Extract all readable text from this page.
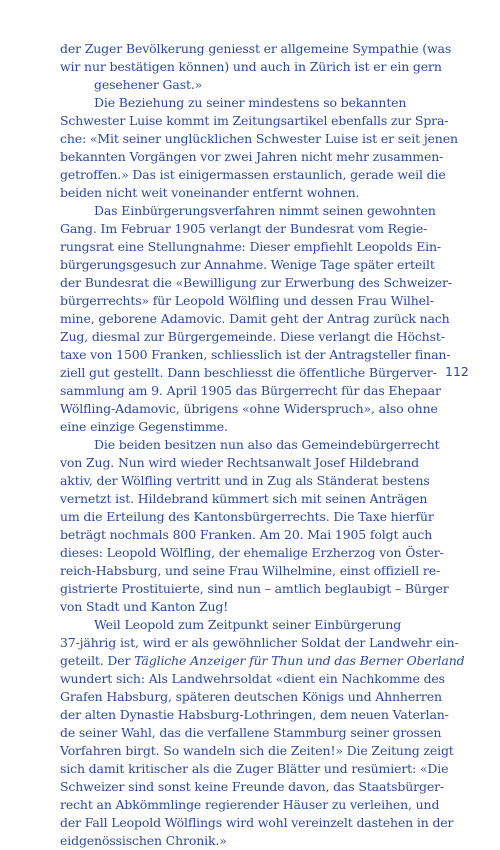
der Zuger Bevölkerung geniesst er allgemeine Sympathie (was
wir nur bestätigen können) und auch in Zürich ist er ein gern
gesehener Gast.»
Die Beziehung zu seiner mindestens so bekannten
Schwester Luise kommt im Zeitungsartikel ebenfalls zur Spra-
che: «Mit seiner unglücklichen Schwester Luise ist er seit jenen
bekannten Vorgängen vor zwei Jahren nicht mehr zusammen-
getroffen.» Das ist einigermassen erstaunlich, gerade weil die
beiden nicht weit voneinander entfernt wohnen.
Das Einbürgerungsverfahren nimmt seinen gewohnten
Gang. Im Februar 1905 verlangt der Bundesrat vom Regie-
rungsrat eine Stellungnahme: Dieser empfiehlt Leopolds Ein-
bürgerungsgesuch zur Annahme. Wenige Tage später erteilt
der Bundesrat die «Bewilligung zur Erwerbung des Schweizer-
bürgerrechts» für Leopold Wölfling und dessen Frau Wilhel-
mine, geborene Adamovic. Damit geht der Antrag zurück nach
Zug, diesmal zur Bürgergemeinde. Diese verlangt die Höchst-
taxe von 1500 Franken, schliesslich ist der Antragsteller finan-
ziell gut gestellt. Dann beschliesst die öffentliche Bürgerver-
sammlung am 9. April 1905 das Bürgerrecht für das Ehepaar
Wölfling-Adamovic, übrigens «ohne Widerspruch», also ohne
eine einzige Gegenstimme.
Die beiden besitzen nun also das Gemeindebürgerrecht
von Zug. Nun wird wieder Rechtsanwalt Josef Hildebrand
aktiv, der Wölfling vertritt und in Zug als Ständerat bestens
vernetzt ist. Hildebrand kümmert sich mit seinen Anträgen
um die Erteilung des Kantonsbürgerrechts. Die Taxe hierfür
beträgt nochmals 800 Franken. Am 20. Mai 1905 folgt auch
dieses: Leopold Wölfling, der ehemalige Erzherzog von Öster-
reich-Habsburg, und seine Frau Wilhelmine, einst offiziell re-
gistrierte Prostituierte, sind nun – amtlich beglaubigt – Bürger
von Stadt und Kanton Zug!
Weil Leopold zum Zeitpunkt seiner Einbürgerung
37-jährig ist, wird er als gewöhnlicher Soldat der Landwehr ein-
geteilt. Der Tägliche Anzeiger für Thun und das Berner Oberland
wundert sich: Als Landwehrsoldat «dient ein Nachkomme des
Grafen Habsburg, späteren deutschen Königs und Ahnherren
der alten Dynastie Habsburg-Lothringen, dem neuen Vaterlan-
de seiner Wahl, das die verfallene Stammburg seiner grossen
Vorfahren birgt. So wandeln sich die Zeiten!» Die Zeitung zeigt
sich damit kritischer als die Zuger Blätter und resümiert: «Die
Schweizer sind sonst keine Freunde davon, das Staatsbürger-
recht an Abkömmlinge regierender Häuser zu verleihen, und
der Fall Leopold Wölflings wird wohl vereinzelt dastehen in der
eidgenössischen Chronik.»
112
